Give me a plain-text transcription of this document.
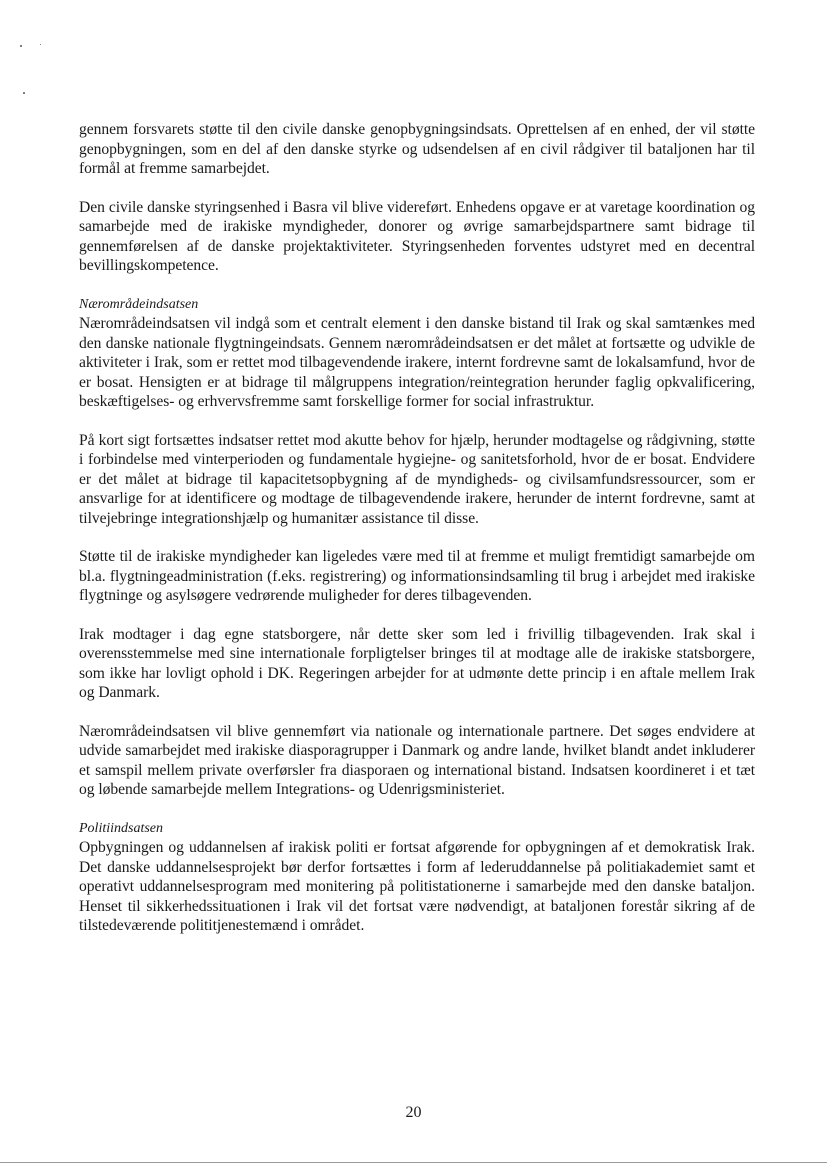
gennem forsvarets støtte til den civile danske genopbygningsindsats. Oprettelsen af en enhed, der vil støtte genopbygningen, som en del af den danske styrke og udsendelsen af en civil rådgiver til bataljonen har til formål at fremme samarbejdet.

Den civile danske styringsenhed i Basra vil blive videreført. Enhedens opgave er at varetage koordination og samarbejde med de irakiske myndigheder, donorer og øvrige samarbejdspartnere samt bidrage til gennemførelsen af de danske projektaktiviteter. Styringsenheden forventes udstyret med en decentral bevillingskompetence.

Nærområdeindsatsen

Nærområdeindsatsen vil indgå som et centralt element i den danske bistand til Irak og skal samtænkes med den danske nationale flygtningeindsats. Gennem nærområdeindsatsen er det målet at fortsætte og udvikle de aktiviteter i Irak, som er rettet mod tilbagevendende irakere, internt fordrevne samt de lokalsamfund, hvor de er bosat. Hensigten er at bidrage til målgruppens integration/reintegration herunder faglig opkvalificering, beskæftigelses- og erhvervsfremme samt forskellige former for social infrastruktur.

På kort sigt fortsættes indsatser rettet mod akutte behov for hjælp, herunder modtagelse og rådgivning, støtte i forbindelse med vinterperioden og fundamentale hygiejne- og sanitetsforhold, hvor de er bosat. Endvidere er det målet at bidrage til kapacitetsopbygning af de myndigheds- og civilsamfundsressourcer, som er ansvarlige for at identificere og modtage de tilbagevendende irakere, herunder de internt fordrevne, samt at tilvejebringe integrationshjælp og humanitær assistance til disse.

Støtte til de irakiske myndigheder kan ligeledes være med til at fremme et muligt fremtidigt samarbejde om bl.a. flygtningeadministration (f.eks. registrering) og informationsindsamling til brug i arbejdet med irakiske flygtninge og asylsøgere vedrørende muligheder for deres tilbagevenden.

Irak modtager i dag egne statsborgere, når dette sker som led i frivillig tilbagevenden. Irak skal i overensstemmelse med sine internationale forpligtelser bringes til at modtage alle de irakiske statsborgere, som ikke har lovligt ophold i DK. Regeringen arbejder for at udmønte dette princip i en aftale mellem Irak og Danmark.

Nærområdeindsatsen vil blive gennemført via nationale og internationale partnere. Det søges endvidere at udvide samarbejdet med irakiske diasporagrupper i Danmark og andre lande, hvilket blandt andet inkluderer et samspil mellem private overførsler fra diasporaen og international bistand. Indsatsen koordineret i et tæt og løbende samarbejde mellem Integrations- og Udenrigsministeriet.

Politiindsatsen

Opbygningen og uddannelsen af irakisk politi er fortsat afgørende for opbygningen af et demokratisk Irak. Det danske uddannelsesprojekt bør derfor fortsættes i form af lederuddannelse på politiakademiet samt et operativt uddannelsesprogram med monitering på politistationerne i samarbejde med den danske bataljon. Henset til sikkerhedssituationen i Irak vil det fortsat være nødvendigt, at bataljonen forestår sikring af de tilstedeværende polititjenestemænd i området.

20
